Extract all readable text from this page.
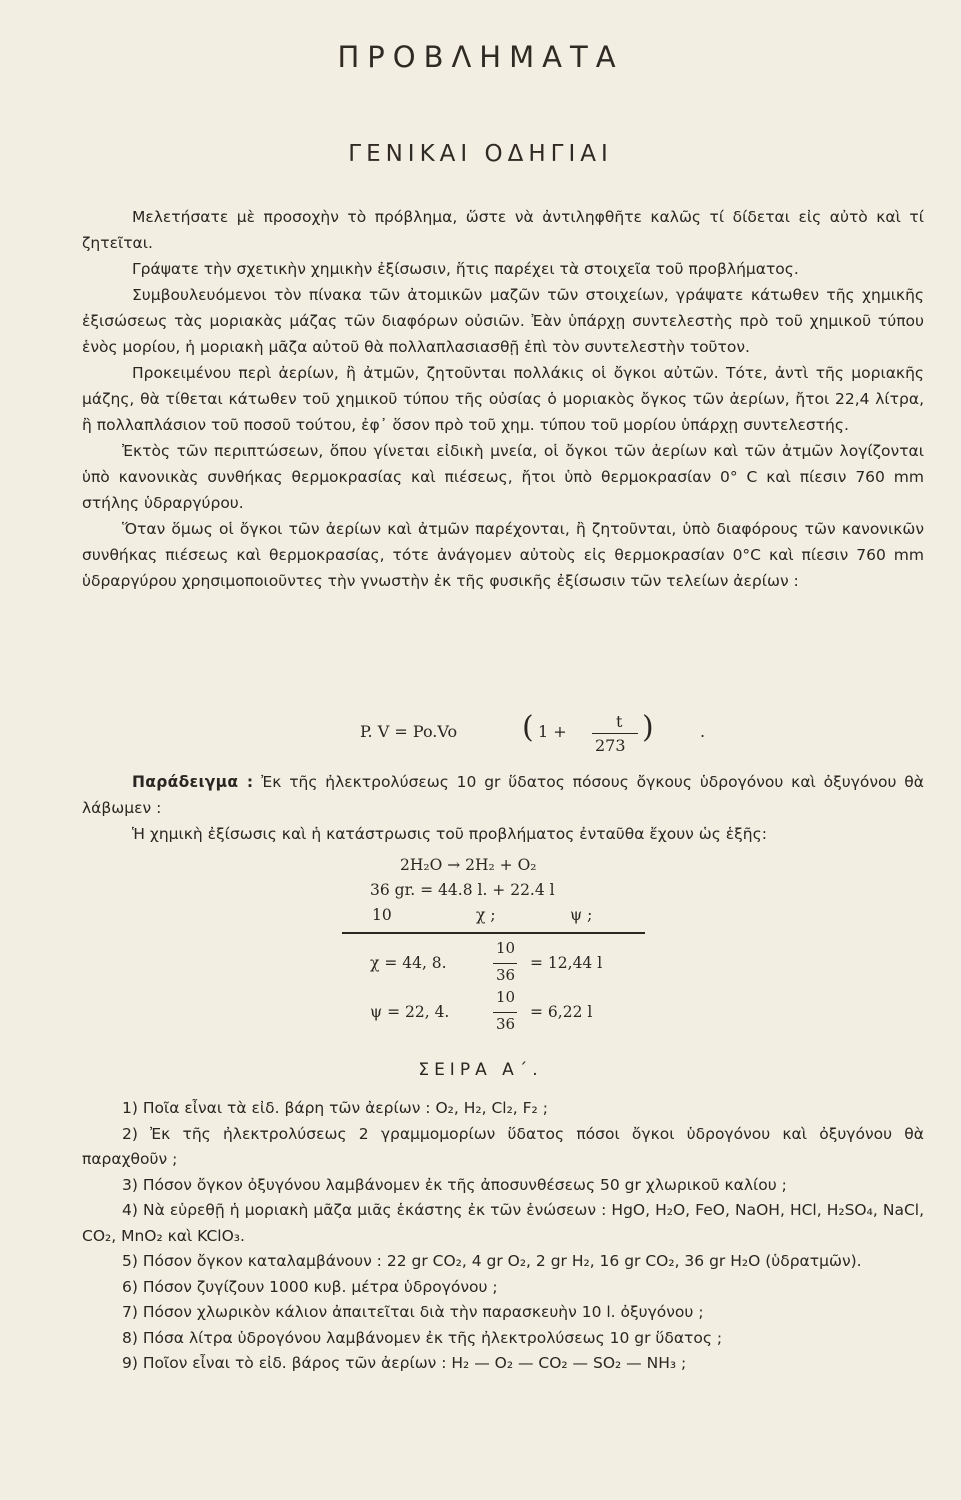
ΠΡΟΒΛΗΜΑΤΑ
ΓΕΝΙΚΑΙ ΟΔΗΓΙΑΙ

Μελετήσατε μὲ προσοχὴν τὸ πρόβλημα, ὥστε νὰ ἀντιληφθῆτε καλῶς τί δίδεται εἰς αὐτὸ καὶ τί ζητεῖται.

Γράψατε τὴν σχετικὴν χημικὴν ἐξίσωσιν, ἥτις παρέχει τὰ στοιχεῖα τοῦ προβλήματος.

Συμβουλευόμενοι τὸν πίνακα τῶν ἀτομικῶν μαζῶν τῶν στοιχείων, γράψατε κάτωθεν τῆς χημικῆς ἐξισώσεως τὰς μοριακὰς μάζας τῶν διαφόρων οὐσιῶν. Ἐὰν ὑπάρχῃ συντελεστὴς πρὸ τοῦ χημικοῦ τύπου ἑνὸς μορίου, ἡ μοριακὴ μᾶζα αὐτοῦ θὰ πολλαπλασιασθῇ ἐπὶ τὸν συντελεστὴν τοῦτον.

Προκειμένου περὶ ἀερίων, ἢ ἀτμῶν, ζητοῦνται πολλάκις οἱ ὄγκοι αὐτῶν. Τότε, ἀντὶ τῆς μοριακῆς μάζης, θὰ τίθεται κάτωθεν τοῦ χημικοῦ τύπου τῆς οὐσίας ὁ μοριακὸς ὄγκος τῶν ἀερίων, ἤτοι 22,4 λίτρα, ἢ πολλαπλάσιον τοῦ ποσοῦ τούτου, ἐφ᾽ ὅσον πρὸ τοῦ χημ. τύπου τοῦ μορίου ὑπάρχῃ συντελεστής.

Ἐκτὸς τῶν περιπτώσεων, ὅπου γίνεται εἰδικὴ μνεία, οἱ ὄγκοι τῶν ἀερίων καὶ τῶν ἀτμῶν λογίζονται ὑπὸ κανονικὰς συνθήκας θερμοκρασίας καὶ πιέσεως, ἤτοι ὑπὸ θερμοκρασίαν 0° C καὶ πίεσιν 760 mm στήλης ὑδραργύρου.

Ὅταν ὅμως οἱ ὄγκοι τῶν ἀερίων καὶ ἀτμῶν παρέχονται, ἢ ζητοῦνται, ὑπὸ διαφόρους τῶν κανονικῶν συνθήκας πιέσεως καὶ θερμοκρασίας, τότε ἀνάγομεν αὐτοὺς εἰς θερμοκρασίαν 0°C καὶ πίεσιν 760 mm ὑδραργύρου χρησιμοποιοῦντες τὴν γνωστὴν ἐκ τῆς φυσικῆς ἐξίσωσιν τῶν τελείων ἀερίων :

P. V = Po.Vo ( 1 +
t
273
)	.

Παράδειγμα : Ἐκ τῆς ἠλεκτρολύσεως 10 gr ὕδατος πόσους ὄγκους ὑδρογόνου καὶ ὀξυγόνου θὰ λάβωμεν :

Ἡ χημικὴ ἐξίσωσις καὶ ἡ κατάστρωσις τοῦ προβλήματος ἐνταῦθα ἔχουν ὡς ἑξῆς:

2H₂O → 2H₂ + O₂
36 gr. = 44.8 l. + 22.4 l
10	χ ;	ψ ;
χ = 44, 8.
10
36
= 12,44 l
ψ = 22, 4.
10
36
= 6,22 l
ΣΕΙΡΑ Α΄.

1) Ποῖα εἶναι τὰ εἰδ. βάρη τῶν ἀερίων : O₂, H₂, Cl₂, F₂ ;

2) Ἐκ τῆς ἠλεκτρολύσεως 2 γραμμομορίων ὕδατος πόσοι ὄγκοι ὑδρογόνου καὶ ὀξυγόνου θὰ παραχθοῦν ;

3) Πόσον ὄγκον ὀξυγόνου λαμβάνομεν ἐκ τῆς ἀποσυνθέσεως 50 gr χλωρικοῦ καλίου ;

4) Νὰ εὑρεθῇ ἡ μοριακὴ μᾶζα μιᾶς ἑκάστης ἐκ τῶν ἑνώσεων : HgO, H₂O, FeO, NaOH, HCl, H₂SO₄, NaCl, CO₂, MnO₂ καὶ KClO₃.

5) Πόσον ὄγκον καταλαμβάνουν : 22 gr CO₂, 4 gr O₂, 2 gr H₂, 16 gr CO₂, 36 gr H₂O (ὑδρατμῶν).

6) Πόσον ζυγίζουν 1000 κυβ. μέτρα ὑδρογόνου ;

7) Πόσον χλωρικὸν κάλιον ἀπαιτεῖται διὰ τὴν παρασκευὴν 10 l. ὀξυγόνου ;

8) Πόσα λίτρα ὑδρογόνου λαμβάνομεν ἐκ τῆς ἠλεκτρολύσεως 10 gr ὕδατος ;

9) Ποῖον εἶναι τὸ εἰδ. βάρος τῶν ἀερίων : H₂ — O₂ — CO₂ — SO₂ — NH₃ ;
